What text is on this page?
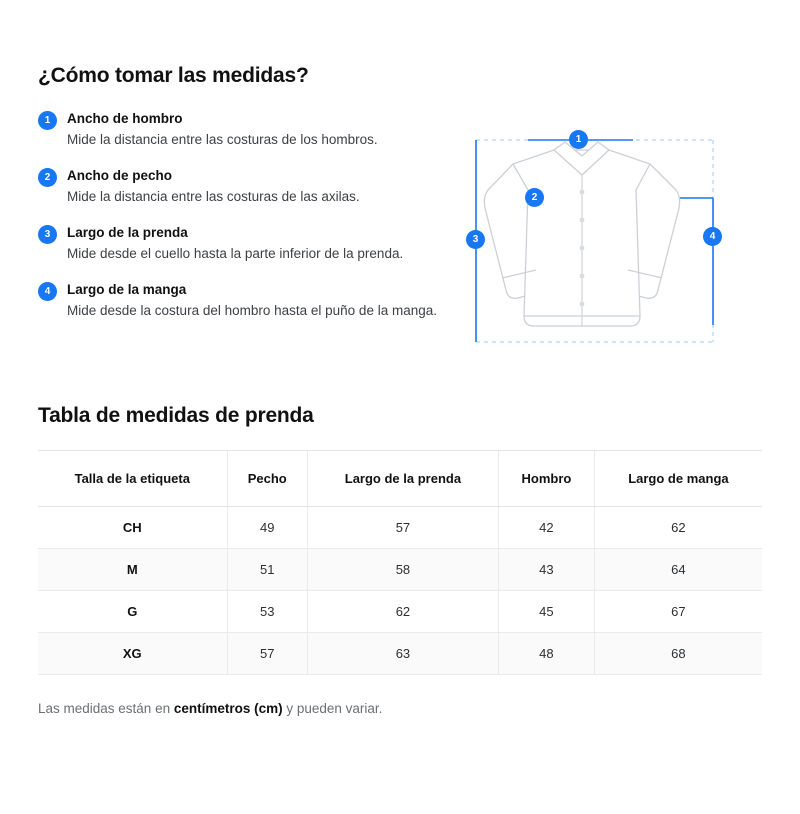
¿Cómo tomar las medidas?
1	Ancho de hombro
Mide la distancia entre las costuras de los hombros.
2	Ancho de pecho
Mide la distancia entre las costuras de las axilas.
3	Largo de la prenda
Mide desde el cuello hasta la parte inferior de la prenda.
4	Largo de la manga
Mide desde la costura del hombro hasta el puño de la manga.
1
2
3	4
Tabla de medidas de prenda
Talla de la etiqueta	Pecho	Largo de la prenda	Hombro	Largo de manga
CH	49	57	42	62
M	51	58	43	64
G	53	62	45	67
XG	57	63	48	68
Las medidas están en centímetros (cm) y pueden variar.
